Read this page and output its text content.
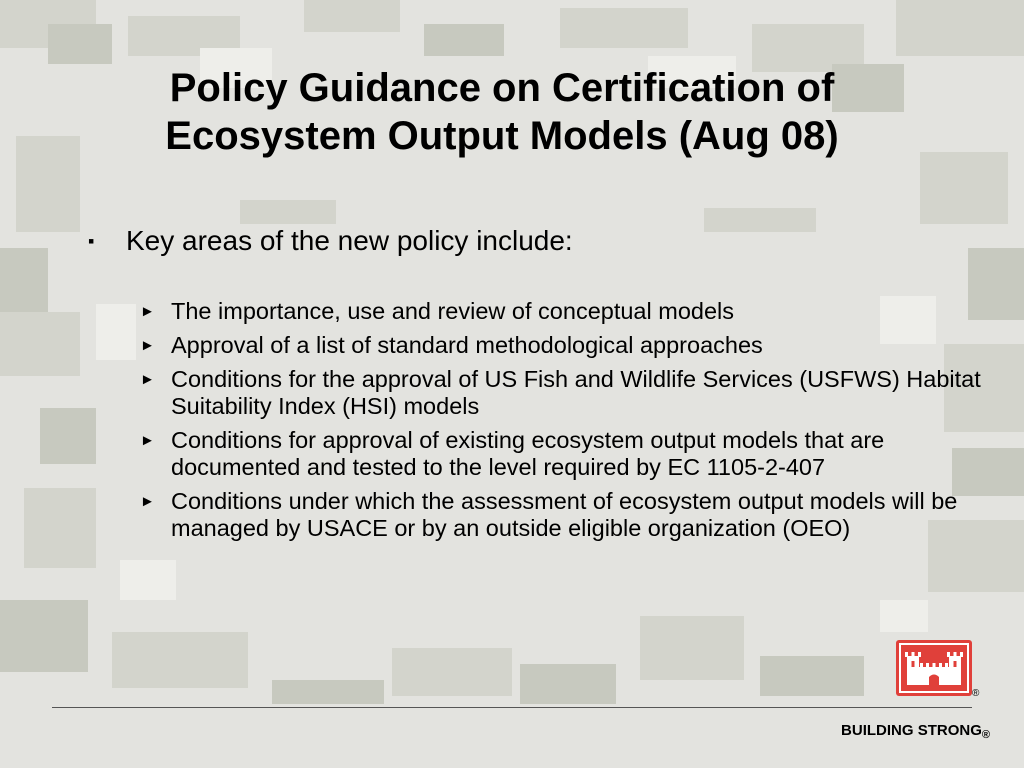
Policy Guidance on Certification of
Ecosystem Output Models (Aug 08)
▪ Key areas of the new policy include:
► The importance, use and review of conceptual models
► Approval of a list of standard methodological approaches
► Conditions for the approval of US Fish and Wildlife Services (USFWS) Habitat Suitability Index (HSI) models
► Conditions for approval of existing ecosystem output models that are documented and tested to the level required by EC 1105-2-407
► Conditions under which the assessment of ecosystem output models will be managed by USACE or by an outside eligible organization (OEO)
®
BUILDING $STRONG_®$
